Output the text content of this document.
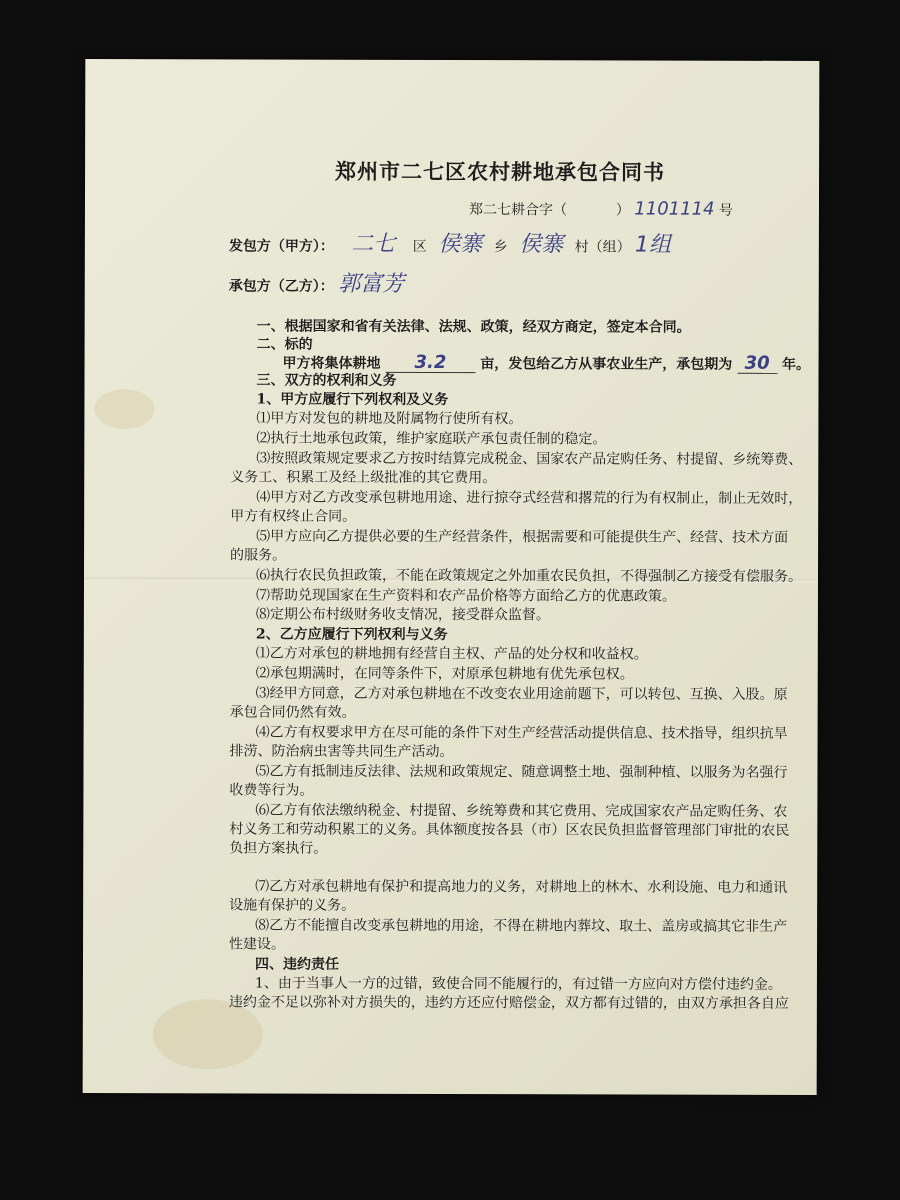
郑州市二七区农村耕地承包合同书
郑二七耕合字（	） 1101114 号
发包方（甲方）： 二七 区 侯寨 乡 侯寨 村（组） 1组
承包方（乙方）： 郭富芳
一、根据国家和省有关法律、法规、政策，经双方商定，签定本合同。
二、标的
甲方将集体耕地 3.2 亩，发包给乙方从事农业生产，承包期为 30 年。
三、双方的权利和义务
1、甲方应履行下列权利及义务
⑴甲方对发包的耕地及附属物行使所有权。
⑵执行土地承包政策，维护家庭联产承包责任制的稳定。
⑶按照政策规定要求乙方按时结算完成税金、国家农产品定购任务、村提留、乡统筹费、
义务工、积累工及经上级批准的其它费用。
⑷甲方对乙方改变承包耕地用途、进行掠夺式经营和撂荒的行为有权制止，制止无效时，
甲方有权终止合同。
⑸甲方应向乙方提供必要的生产经营条件，根据需要和可能提供生产、经营、技术方面
的服务。
⑹执行农民负担政策，不能在政策规定之外加重农民负担，不得强制乙方接受有偿服务。
⑺帮助兑现国家在生产资料和农产品价格等方面给乙方的优惠政策。
⑻定期公布村级财务收支情况，接受群众监督。
2、乙方应履行下列权利与义务
⑴乙方对承包的耕地拥有经营自主权、产品的处分权和收益权。
⑵承包期满时，在同等条件下，对原承包耕地有优先承包权。
⑶经甲方同意，乙方对承包耕地在不改变农业用途前题下，可以转包、互换、入股。原
承包合同仍然有效。
⑷乙方有权要求甲方在尽可能的条件下对生产经营活动提供信息、技术指导，组织抗旱
排涝、防治病虫害等共同生产活动。
⑸乙方有抵制违反法律、法规和政策规定、随意调整土地、强制种植、以服务为名强行
收费等行为。
⑹乙方有依法缴纳税金、村提留、乡统筹费和其它费用、完成国家农产品定购任务、农
村义务工和劳动积累工的义务。具体额度按各县（市）区农民负担监督管理部门审批的农民
负担方案执行。
⑺乙方对承包耕地有保护和提高地力的义务，对耕地上的林木、水利设施、电力和通讯
设施有保护的义务。
⑻乙方不能擅自改变承包耕地的用途，不得在耕地内葬坟、取土、盖房或搞其它非生产
性建设。
四、违约责任
1、由于当事人一方的过错，致使合同不能履行的，有过错一方应向对方偿付违约金。
违约金不足以弥补对方损失的，违约方还应付赔偿金，双方都有过错的，由双方承担各自应
